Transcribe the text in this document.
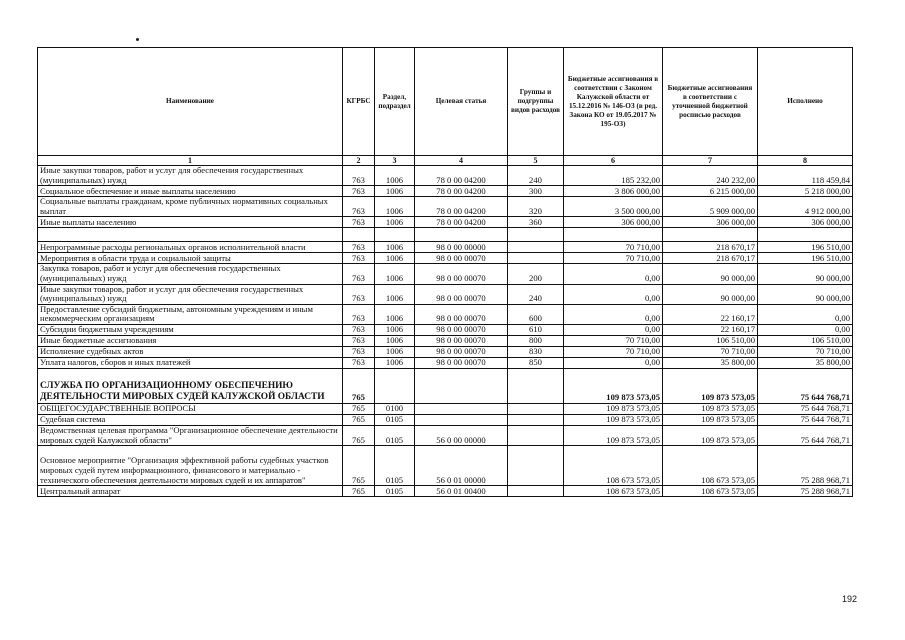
Наименование	КГРБС	Раздел, подраздел	Целевая статья	Группы и подгруппы видов расходов	Бюджетные ассигнования в соответствии с Законом Калужской области от 15.12.2016 № 146-ОЗ (в ред. Закона КО от 19.05.2017 № 195-ОЗ)	Бюджетные ассигнования в соответствии с уточненной бюджетной росписью расходов	Исполнено
1	2	3	4	5	6	7	8
Иные закупки товаров, работ и услуг для обеспечения государственных (муниципальных) нужд	763	1006	78 0 00 04200	240	185 232,00	240 232,00	118 459,84
Социальное обеспечение и иные выплаты населению	763	1006	78 0 00 04200	300	3 806 000,00	6 215 000,00	5 218 000,00
Социальные выплаты гражданам, кроме публичных нормативных социальных выплат	763	1006	78 0 00 04200	320	3 500 000,00	5 909 000,00	4 912 000,00
Иные выплаты населению	763	1006	78 0 00 04200	360	306 000,00	306 000,00	306 000,00

Непрограммные расходы региональных органов исполнительной власти	763	1006	98 0 00 00000		70 710,00	218 670,17	196 510,00
Мероприятия в области труда и социальной защиты	763	1006	98 0 00 00070		70 710,00	218 670,17	196 510,00
Закупка товаров, работ и услуг для обеспечения государственных (муниципальных) нужд	763	1006	98 0 00 00070	200	0,00	90 000,00	90 000,00
Иные закупки товаров, работ и услуг для обеспечения государственных (муниципальных) нужд	763	1006	98 0 00 00070	240	0,00	90 000,00	90 000,00
Предоставление субсидий бюджетным, автономным учреждениям и иным некоммерческим организациям	763	1006	98 0 00 00070	600	0,00	22 160,17	0,00
Субсидии бюджетным учреждениям	763	1006	98 0 00 00070	610	0,00	22 160,17	0,00
Иные бюджетные ассигнования	763	1006	98 0 00 00070	800	70 710,00	106 510,00	106 510,00
Исполнение судебных актов	763	1006	98 0 00 00070	830	70 710,00	70 710,00	70 710,00
Уплата налогов, сборов и иных платежей	763	1006	98 0 00 00070	850	0,00	35 800,00	35 800,00
СЛУЖБА ПО ОРГАНИЗАЦИОННОМУ ОБЕСПЕЧЕНИЮ ДЕЯТЕЛЬНОСТИ МИРОВЫХ СУДЕЙ КАЛУЖСКОЙ ОБЛАСТИ	765				109 873 573,05	109 873 573,05	75 644 768,71
ОБЩЕГОСУДАРСТВЕННЫЕ ВОПРОСЫ	765	0100			109 873 573,05	109 873 573,05	75 644 768,71
Судебная система	765	0105			109 873 573,05	109 873 573,05	75 644 768,71
Ведомственная целевая программа "Организационное обеспечение деятельности мировых судей Калужской области"	765	0105	56 0 00 00000		109 873 573,05	109 873 573,05	75 644 768,71
Основное мероприятие "Организация эффективной работы судебных участков мировых судей путем информационного, финансового и материально - технического обеспечения деятельности мировых судей и их аппаратов"	765	0105	56 0 01 00000		108 673 573,05	108 673 573,05	75 288 968,71
Центральный аппарат	765	0105	56 0 01 00400		108 673 573,05	108 673 573,05	75 288 968,71
192
